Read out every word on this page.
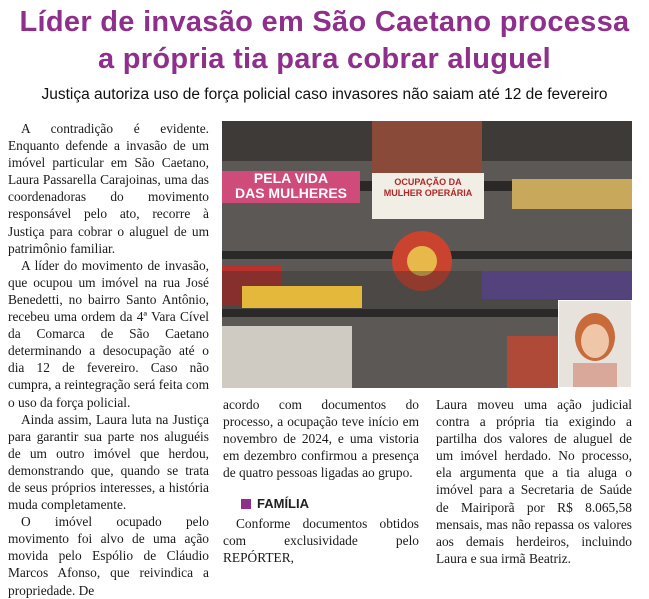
Líder de invasão em São Caetano processa
a própria tia para cobrar aluguel
Justiça autoriza uso de força policial caso invasores não saiam até 12 de fevereiro

A contradição é evidente. Enquanto defende a invasão de um imóvel particular em São Caetano, Laura Passarella Carajoinas, uma das coordenadoras do movimento responsável pelo ato, recorre à Justiça para cobrar o aluguel de um patrimônio familiar.

A líder do movimento de invasão, que ocupou um imóvel na rua José Benedetti, no bairro Santo Antônio, recebeu uma ordem da 4ª Vara Cível da Comarca de São Caetano determinando a desocupação até o dia 12 de fevereiro. Caso não cumpra, a reintegração será feita com o uso da força policial.

Ainda assim, Laura luta na Justiça para garantir sua parte nos aluguéis de um outro imóvel que herdou, demonstrando que, quando se trata de seus próprios interesses, a história muda completamente.

O imóvel ocupado pelo movimento foi alvo de uma ação movida pelo Espólio de Cláudio Marcos Afonso, que reivindica a propriedade. De

PELA VIDA
DAS MULHERES
OCUPAÇÃO DA
MULHER OPERÁRIA

acordo com documentos do processo, a ocupação teve início em novembro de 2024, e uma vistoria em dezembro confirmou a presença de quatro pessoas ligadas ao grupo.

FAMÍLIA

Conforme documentos obtidos com exclusividade pelo REPÓRTER,

Laura moveu uma ação judicial contra a própria tia exigindo a partilha dos valores de aluguel de um imóvel herdado. No processo, ela argumenta que a tia aluga o imóvel para a Secretaria de Saúde de Mairiporã por R$ 8.065,58 mensais, mas não repassa os valores aos demais herdeiros, incluindo Laura e sua irmã Beatriz.
